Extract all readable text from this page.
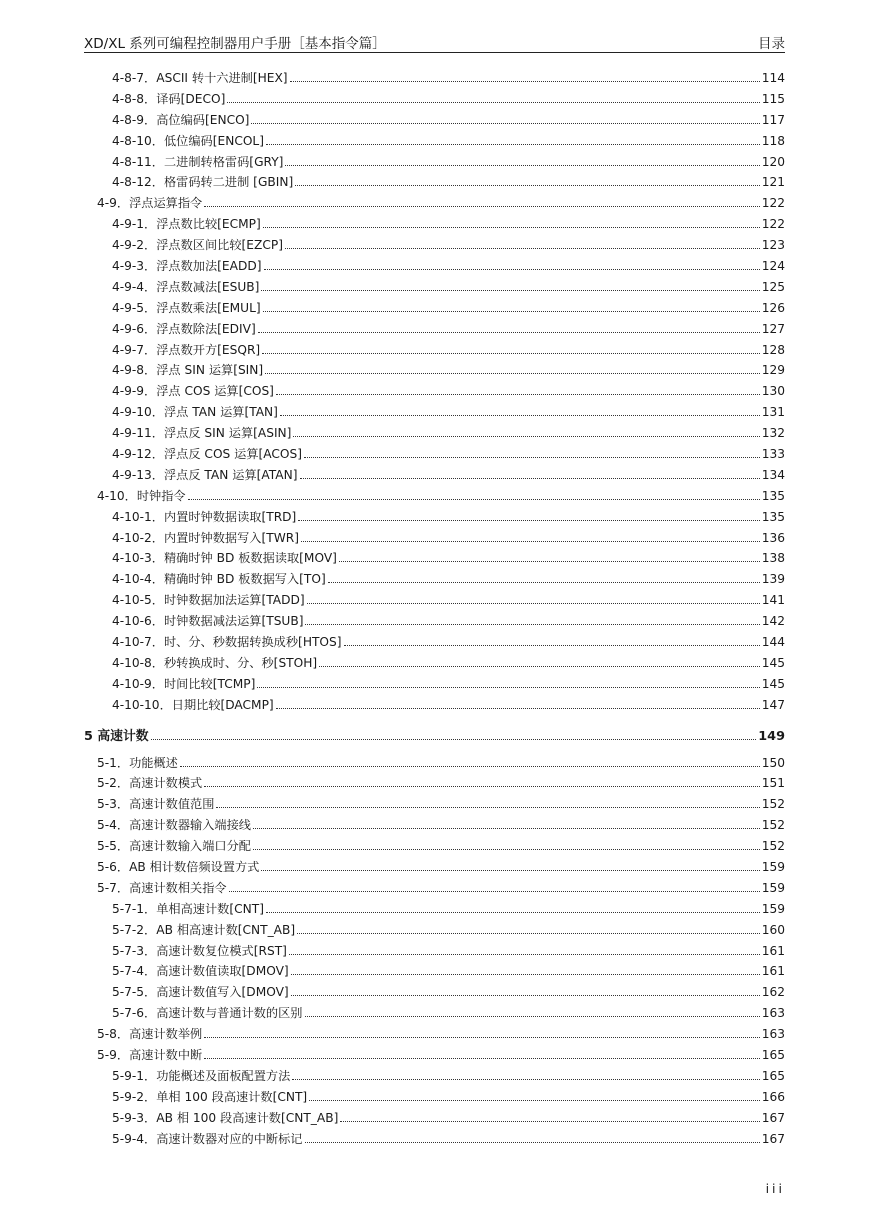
XD/XL 系列可编程控制器用户手册［基本指令篇］	目录
4-8-7．ASCII 转十六进制[HEX]	114
4-8-8．译码[DECO]	115
4-8-9．高位编码[ENCO]	117
4-8-10．低位编码[ENCOL]	118
4-8-11．二进制转格雷码[GRY]	120
4-8-12．格雷码转二进制 [GBIN]	121
4-9．浮点运算指令	122
4-9-1．浮点数比较[ECMP]	122
4-9-2．浮点数区间比较[EZCP]	123
4-9-3．浮点数加法[EADD]	124
4-9-4．浮点数减法[ESUB]	125
4-9-5．浮点数乘法[EMUL]	126
4-9-6．浮点数除法[EDIV]	127
4-9-7．浮点数开方[ESQR]	128
4-9-8．浮点 SIN 运算[SIN]	129
4-9-9．浮点 COS 运算[COS]	130
4-9-10．浮点 TAN 运算[TAN]	131
4-9-11．浮点反 SIN 运算[ASIN]	132
4-9-12．浮点反 COS 运算[ACOS]	133
4-9-13．浮点反 TAN 运算[ATAN]	134
4-10．时钟指令	135
4-10-1．内置时钟数据读取[TRD]	135
4-10-2．内置时钟数据写入[TWR]	136
4-10-3．精确时钟 BD 板数据读取[MOV]	138
4-10-4．精确时钟 BD 板数据写入[TO]	139
4-10-5．时钟数据加法运算[TADD]	141
4-10-6．时钟数据减法运算[TSUB]	142
4-10-7．时、分、秒数据转换成秒[HTOS]	144
4-10-8．秒转换成时、分、秒[STOH]	145
4-10-9．时间比较[TCMP]	145
4-10-10．日期比较[DACMP]	147
5 高速计数	149
5-1．功能概述	150
5-2．高速计数模式	151
5-3．高速计数值范围	152
5-4．高速计数器输入端接线	152
5-5．高速计数输入端口分配	152
5-6．AB 相计数倍频设置方式	159
5-7．高速计数相关指令	159
5-7-1．单相高速计数[CNT]	159
5-7-2．AB 相高速计数[CNT_AB]	160
5-7-3．高速计数复位模式[RST]	161
5-7-4．高速计数值读取[DMOV]	161
5-7-5．高速计数值写入[DMOV]	162
5-7-6．高速计数与普通计数的区别	163
5-8．高速计数举例	163
5-9．高速计数中断	165
5-9-1．功能概述及面板配置方法	165
5-9-2．单相 100 段高速计数[CNT]	166
5-9-3．AB 相 100 段高速计数[CNT_AB]	167
5-9-4．高速计数器对应的中断标记	167
iii
